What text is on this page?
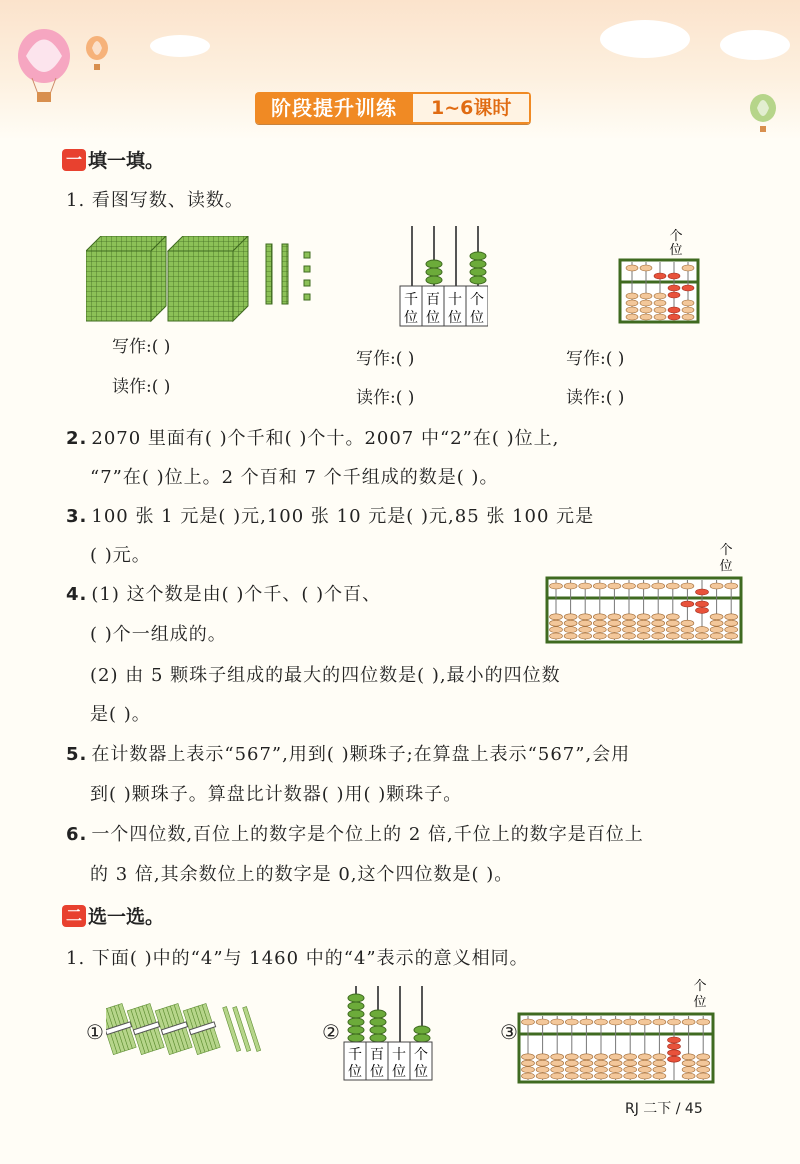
阶段提升训练	1~6课时
一 填一填。
1. 看图写数、读数。
千
位
百
位
十
位
个
位
个
位
写作:( )
读作:( )
写作:( )
读作:( )
写作:( )
读作:( )
2. 2070 里面有( )个千和( )个十。2007 中“2”在( )位上,
“7”在( )位上。2 个百和 7 个千组成的数是( )。
3. 100 张 1 元是( )元,100 张 10 元是( )元,85 张 100 元是
( )元。
4. (1) 这个数是由( )个千、( )个百、
( )个一组成的。
(2) 由 5 颗珠子组成的最大的四位数是( ),最小的四位数
是( )。
个
位
5. 在计数器上表示“567”,用到( )颗珠子;在算盘上表示“567”,会用
到( )颗珠子。算盘比计数器( )用( )颗珠子。
6. 一个四位数,百位上的数字是个位上的 2 倍,千位上的数字是百位上
的 3 倍,其余数位上的数字是 0,这个四位数是( )。
二 选一选。
1. 下面( )中的“4”与 1460 中的“4”表示的意义相同。
①	②
千
位
百
位
十
位
个
位
③
个
位
RJ 二下 / 45
